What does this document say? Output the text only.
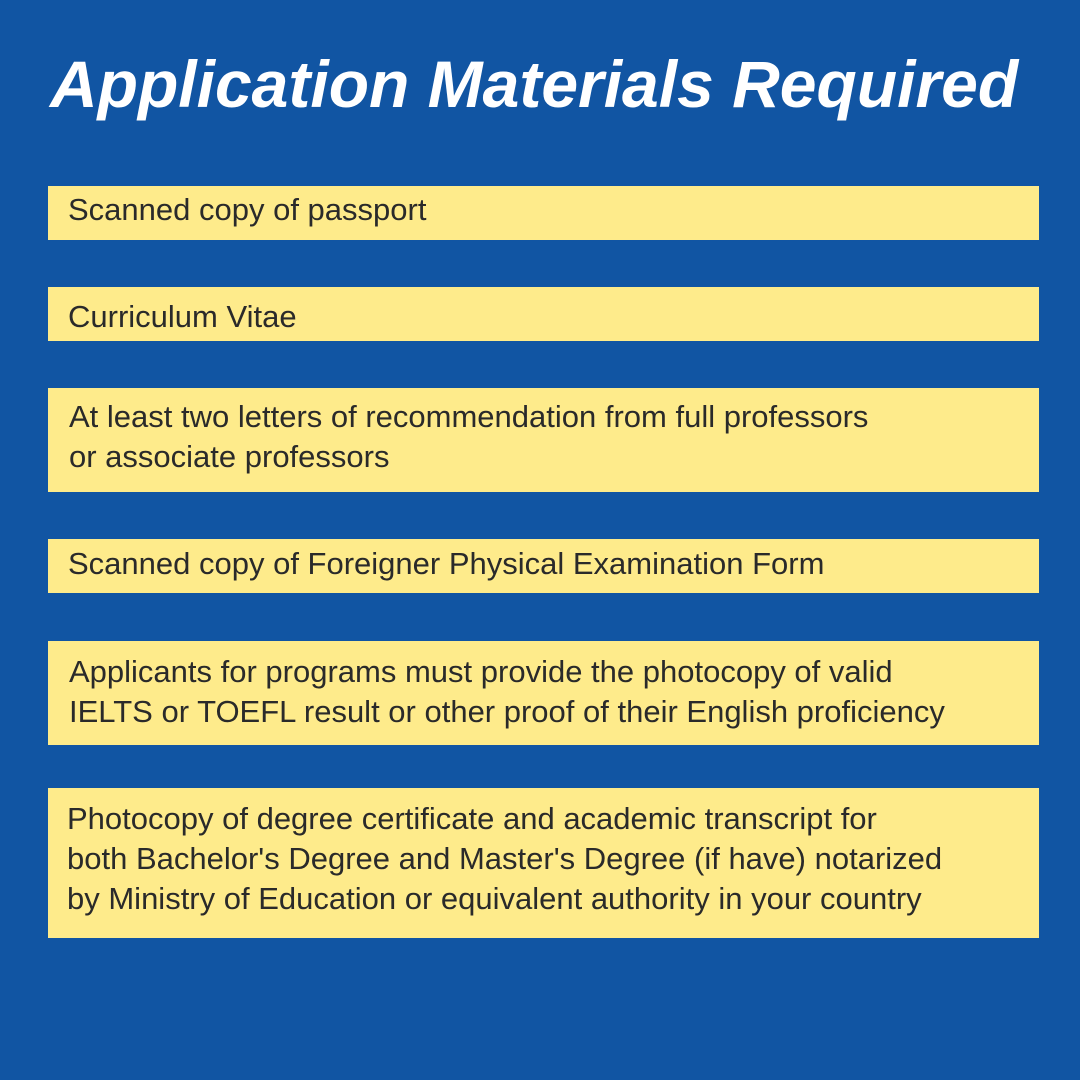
Application Materials Required
Scanned copy of passport
Curriculum Vitae
At least two letters of recommendation from full professors
or associate professors
Scanned copy of Foreigner Physical Examination Form
Applicants for programs must provide the photocopy of valid
IELTS or TOEFL result or other proof of their English proficiency
Photocopy of degree certificate and academic transcript for
both Bachelor's Degree and Master's Degree (if have) notarized
by Ministry of Education or equivalent authority in your country
